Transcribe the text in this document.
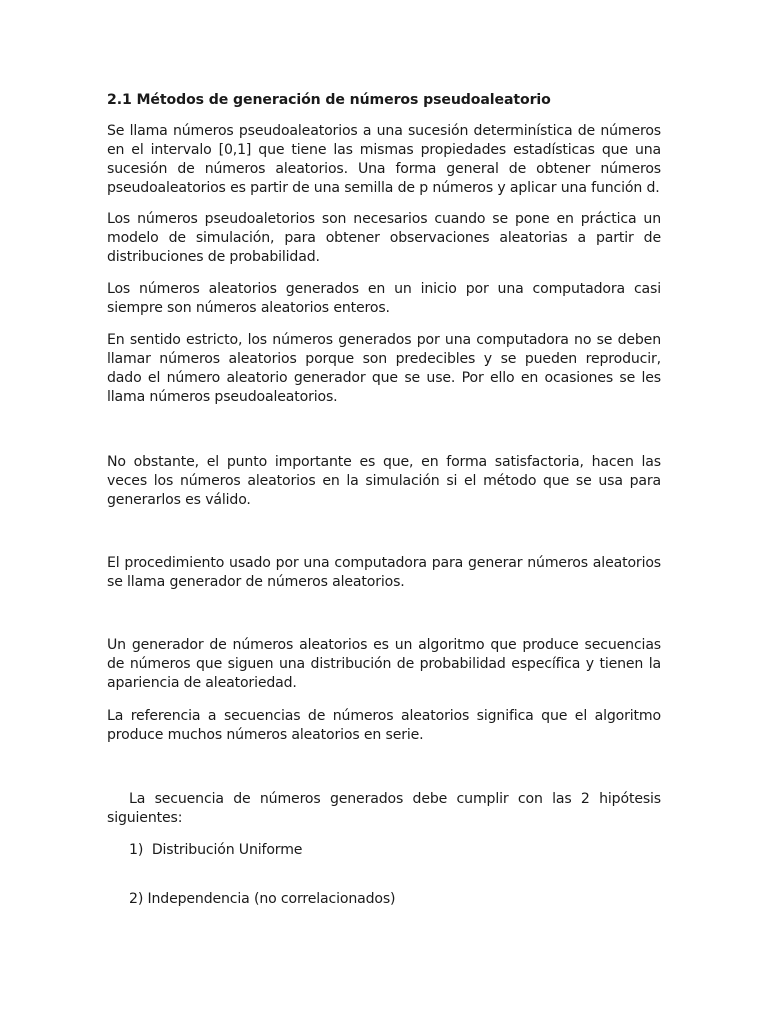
2.1 Métodos de generación de números pseudoaleatorio

Se llama números pseudoaleatorios a una sucesión determinística de números en el intervalo [0,1] que tiene las mismas propiedades estadísticas que una sucesión de números aleatorios. Una forma general de obtener números pseudoaleatorios es partir de una semilla de p números y aplicar una función d.

Los números pseudoaletorios son necesarios cuando se pone en práctica un modelo de simulación, para obtener observaciones aleatorias a partir de distribuciones de probabilidad.

Los números aleatorios generados en un inicio por una computadora casi siempre son números aleatorios enteros.

En sentido estricto, los números generados por una computadora no se deben llamar números aleatorios porque son predecibles y se pueden reproducir, dado el número aleatorio generador que se use. Por ello en ocasiones se les llama números pseudoaleatorios.

No obstante, el punto importante es que, en forma satisfactoria, hacen las veces los números aleatorios en la simulación si el método que se usa para generarlos es válido.

El procedimiento usado por una computadora para generar números aleatorios se llama generador de números aleatorios.

Un generador de números aleatorios es un algoritmo que produce secuencias de números que siguen una distribución de probabilidad específica y tienen la apariencia de aleatoriedad.

La referencia a secuencias de números aleatorios significa que el algoritmo produce muchos números aleatorios en serie.

La secuencia de números generados debe cumplir con las 2 hipótesis siguientes:

1)  Distribución Uniforme
2) Independencia (no correlacionados)
